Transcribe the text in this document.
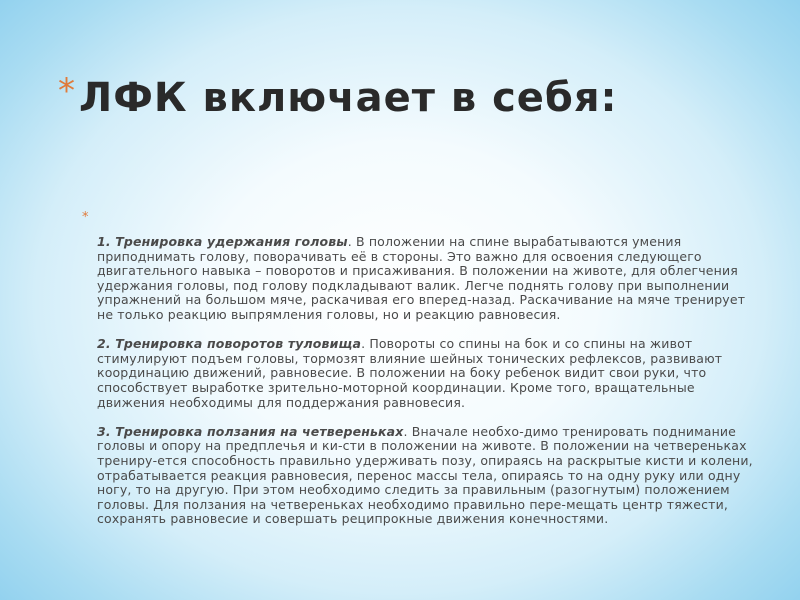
* ЛФК включает в себя:
*

1. Тренировка удержания головы. В положении на спине вырабатываются умения приподнимать голову, поворачивать её в стороны. Это важно для освоения следующего двигательного навыка – поворотов и присаживания. В положении на животе, для облегчения удержания головы, под голову подкладывают валик. Легче поднять голову при выполнении упражнений на большом мяче, раскачивая его вперед-назад. Раскачивание на мяче тренирует не только реакцию выпрямления головы, но и реакцию равновесия.

2. Тренировка поворотов туловища. Повороты со спины на бок и со спины на живот стимулируют подъем головы, тормозят влияние шейных тонических рефлексов, развивают координацию движений, равновесие. В положении на боку ребенок видит свои руки, что способствует выработке зрительно-моторной координации. Кроме того, вращательные движения необходимы для поддержания равновесия.

3. Тренировка ползания на четвереньках. Вначале необхо-димо тренировать поднимание головы и опору на предплечья и ки-сти в положении на животе. В положении на четвереньках трениру-ется способность правильно удерживать позу, опираясь на раскрытые кисти и колени, отрабатывается реакция равновесия, перенос массы тела, опираясь то на одну руку или одну ногу, то на другую. При этом необходимо следить за правильным (разогнутым) положением головы. Для ползания на четвереньках необходимо правильно пере-мещать центр тяжести, сохранять равновесие и совершать реципрокные движения конечностями.
